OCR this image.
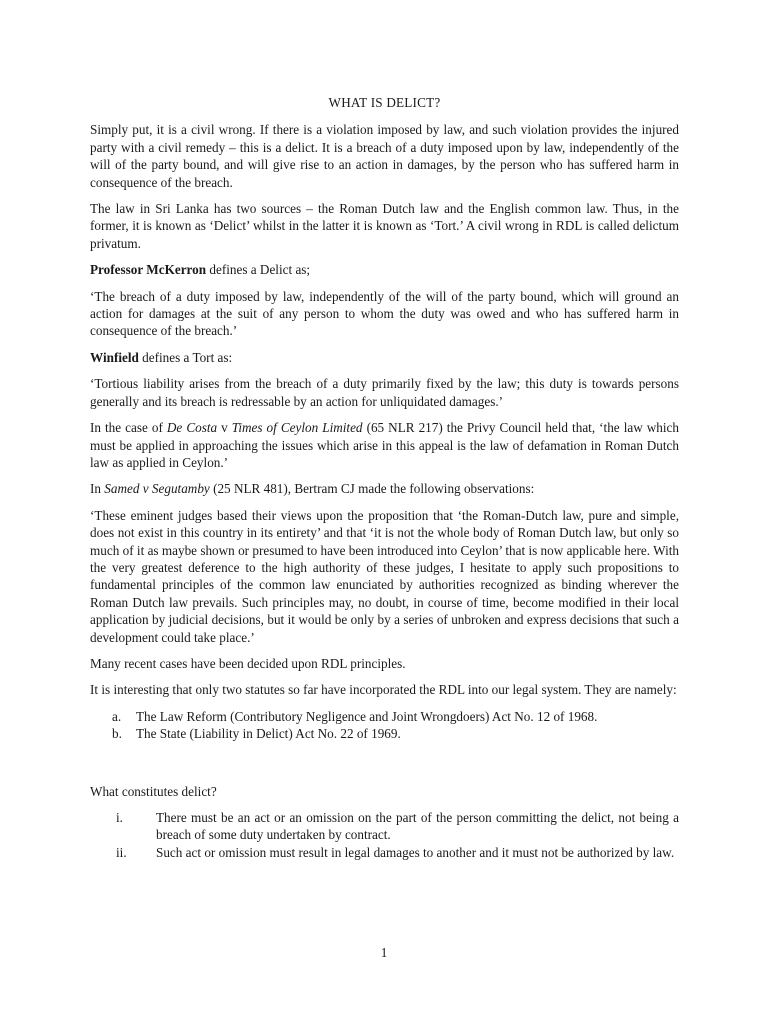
WHAT IS DELICT?

Simply put, it is a civil wrong. If there is a violation imposed by law, and such violation provides the injured party with a civil remedy – this is a delict. It is a breach of a duty imposed upon by law, independently of the will of the party bound, and will give rise to an action in damages, by the person who has suffered harm in consequence of the breach.

The law in Sri Lanka has two sources – the Roman Dutch law and the English common law. Thus, in the former, it is known as ‘Delict’ whilst in the latter it is known as ‘Tort.’ A civil wrong in RDL is called delictum privatum.

Professor McKerron defines a Delict as;

‘The breach of a duty imposed by law, independently of the will of the party bound, which will ground an action for damages at the suit of any person to whom the duty was owed and who has suffered harm in consequence of the breach.’

Winfield defines a Tort as:

‘Tortious liability arises from the breach of a duty primarily fixed by the law; this duty is towards persons generally and its breach is redressable by an action for unliquidated damages.’

In the case of De Costa v Times of Ceylon Limited (65 NLR 217) the Privy Council held that, ‘the law which must be applied in approaching the issues which arise in this appeal is the law of defamation in Roman Dutch law as applied in Ceylon.’

In Samed v Segutamby (25 NLR 481), Bertram CJ made the following observations:

‘These eminent judges based their views upon the proposition that ‘the Roman-Dutch law, pure and simple, does not exist in this country in its entirety’ and that ‘it is not the whole body of Roman Dutch law, but only so much of it as maybe shown or presumed to have been introduced into Ceylon’ that is now applicable here. With the very greatest deference to the high authority of these judges, I hesitate to apply such propositions to fundamental principles of the common law enunciated by authorities recognized as binding wherever the Roman Dutch law prevails. Such principles may, no doubt, in course of time, become modified in their local application by judicial decisions, but it would be only by a series of unbroken and express decisions that such a development could take place.’

Many recent cases have been decided upon RDL principles.

It is interesting that only two statutes so far have incorporated the RDL into our legal system. They are namely:

a.	The Law Reform (Contributory Negligence and Joint Wrongdoers) Act No. 12 of 1968.
b.	The State (Liability in Delict) Act No. 22 of 1969.

What constitutes delict?

i.	There must be an act or an omission on the part of the person committing the delict, not being a breach of some duty undertaken by contract.
ii.	Such act or omission must result in legal damages to another and it must not be authorized by law.
1
